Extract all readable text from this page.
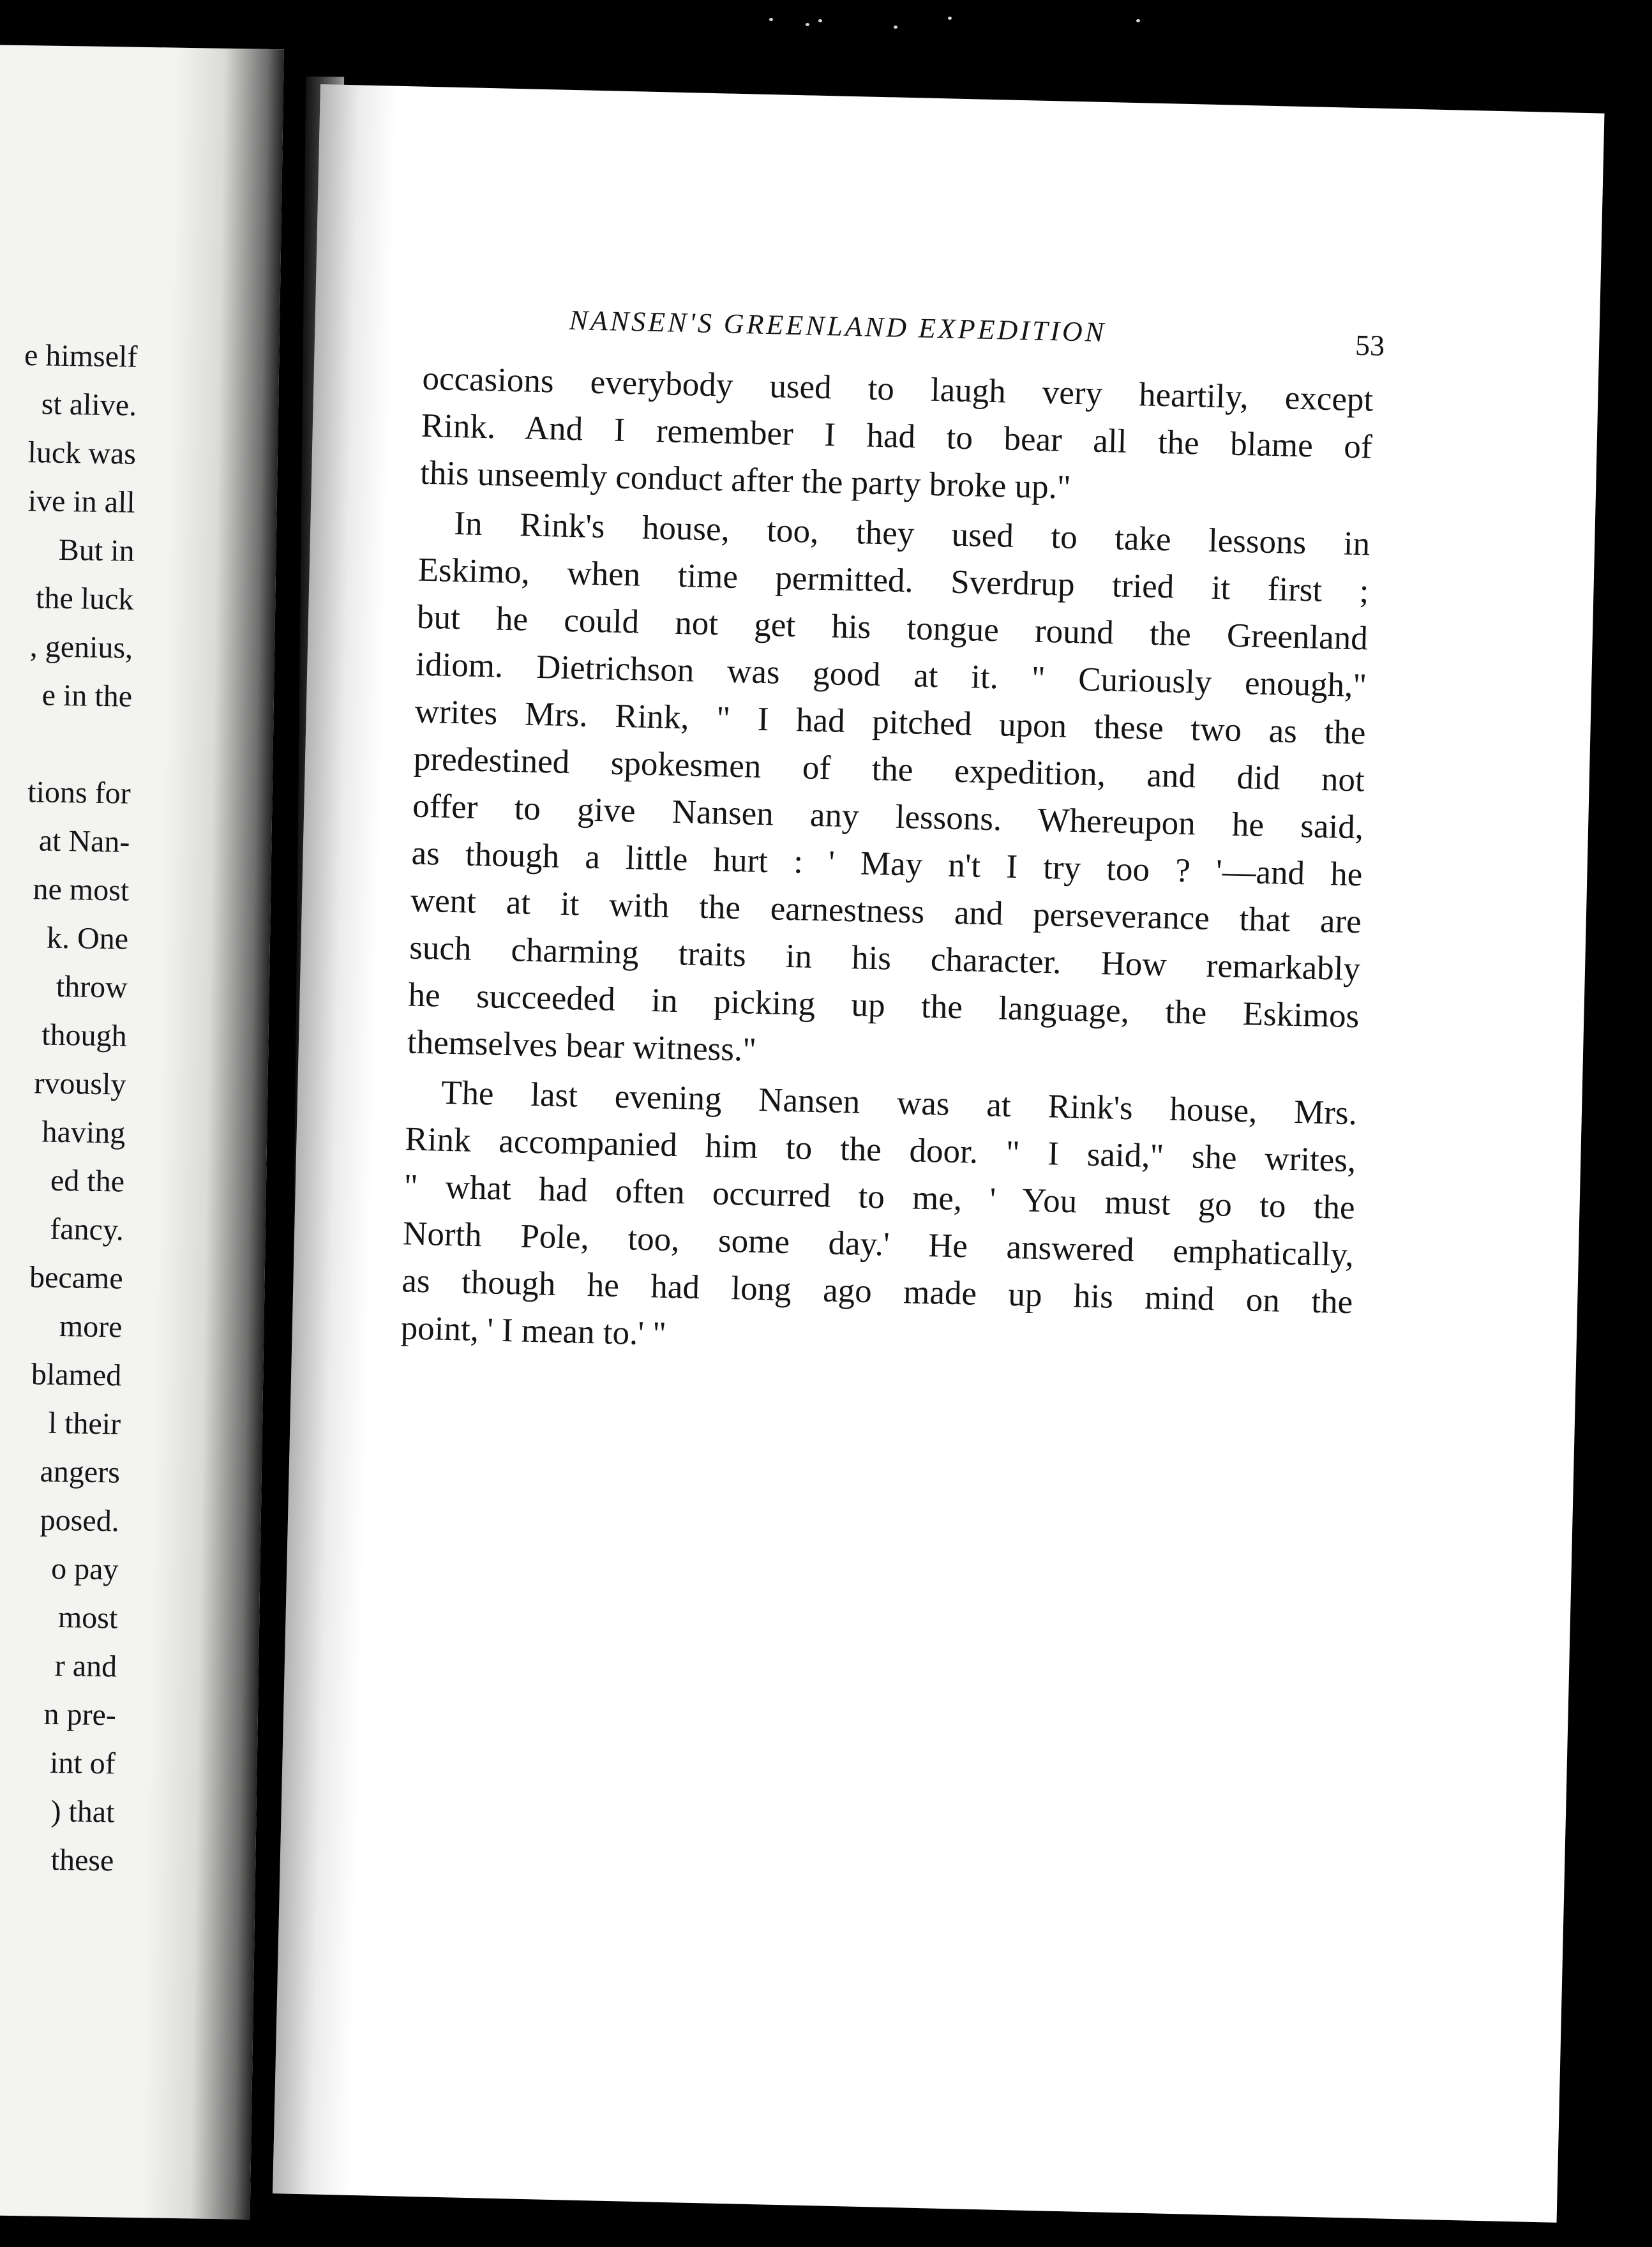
e himself
st alive.
luck was
ive in all
But in
the luck
, genius,
e in the
tions for
at Nan-
ne most
k. One
throw
though
rvously
having
ed the
fancy.
became
more
blamed
l their
angers
posed.
o pay
most
r and
n pre-
int of
) that
these
NANSEN'S GREENLAND EXPEDITION	53
occasions everybody used to laugh very heartily, except
Rink. And I remember I had to bear all the blame of
this unseemly conduct after the party broke up."
In Rink's house, too, they used to take lessons in
Eskimo, when time permitted. Sverdrup tried it first ;
but he could not get his tongue round the Greenland
idiom. Dietrichson was good at it. " Curiously enough,"
writes Mrs. Rink, " I had pitched upon these two as the
predestined spokesmen of the expedition, and did not
offer to give Nansen any lessons. Whereupon he said,
as though a little hurt : ' May n't I try too ? '—and he
went at it with the earnestness and perseverance that are
such charming traits in his character. How remarkably
he succeeded in picking up the language, the Eskimos
themselves bear witness."
The last evening Nansen was at Rink's house, Mrs.
Rink accompanied him to the door. " I said," she writes,
" what had often occurred to me, ' You must go to the
North Pole, too, some day.' He answered emphatically,
as though he had long ago made up his mind on the
point, ' I mean to.' "
